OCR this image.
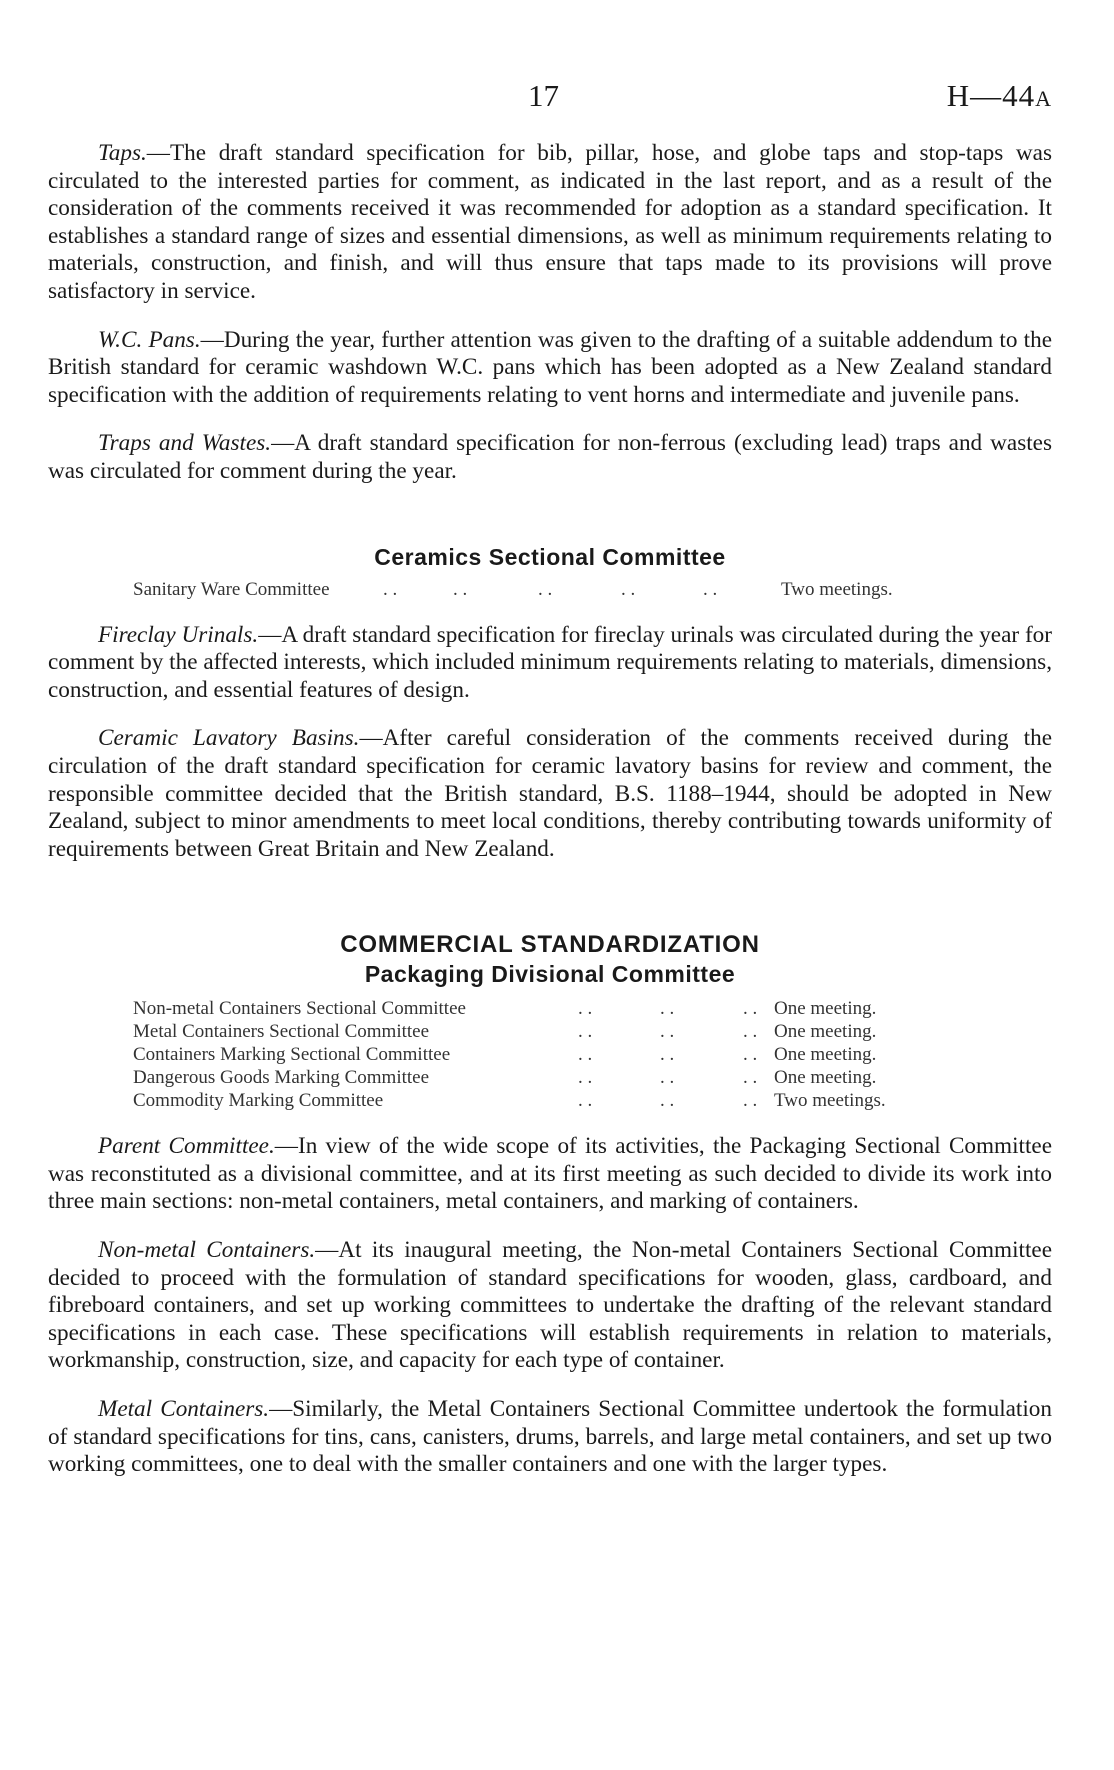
17	H—44A

Taps.—The draft standard specification for bib, pillar, hose, and globe taps and stop-taps was circulated to the interested parties for comment, as indicated in the last report, and as a result of the consideration of the comments received it was recommended for adoption as a standard specification. It establishes a standard range of sizes and essential dimensions, as well as minimum requirements relating to materials, construction, and finish, and will thus ensure that taps made to its provisions will prove satisfactory in service.

W.C. Pans.—During the year, further attention was given to the drafting of a suitable addendum to the British standard for ceramic washdown W.C. pans which has been adopted as a New Zealand standard specification with the addition of requirements relating to vent horns and intermediate and juvenile pans.

Traps and Wastes.—A draft standard specification for non-ferrous (excluding lead) traps and wastes was circulated for comment during the year.

Ceramics Sectional Committee
Sanitary Ware Committee	. .	. .	. .	. .	. .	Two meetings.

Fireclay Urinals.—A draft standard specification for fireclay urinals was circulated during the year for comment by the affected interests, which included minimum requirements relating to materials, dimensions, construction, and essential features of design.

Ceramic Lavatory Basins.—After careful consideration of the comments received during the circulation of the draft standard specification for ceramic lavatory basins for review and comment, the responsible committee decided that the British standard, B.S. 1188–1944, should be adopted in New Zealand, subject to minor amendments to meet local conditions, thereby contributing towards uniformity of requirements between Great Britain and New Zealand.

COMMERCIAL STANDARDIZATION
Packaging Divisional Committee
Non-metal Containers Sectional Committee	. .	. .	. . One meeting.
Metal Containers Sectional Committee	. .	. .	. . One meeting.
Containers Marking Sectional Committee	. .	. .	. . One meeting.
Dangerous Goods Marking Committee	. .	. .	. . One meeting.
Commodity Marking Committee	. .	. .	. . Two meetings.

Parent Committee.—In view of the wide scope of its activities, the Packaging Sectional Committee was reconstituted as a divisional committee, and at its first meeting as such decided to divide its work into three main sections: non-metal containers, metal containers, and marking of containers.

Non-metal Containers.—At its inaugural meeting, the Non-metal Containers Sectional Committee decided to proceed with the formulation of standard specifications for wooden, glass, cardboard, and fibreboard containers, and set up working committees to undertake the drafting of the relevant standard specifications in each case. These specifications will establish requirements in relation to materials, workmanship, construction, size, and capacity for each type of container.

Metal Containers.—Similarly, the Metal Containers Sectional Committee undertook the formulation of standard specifications for tins, cans, canisters, drums, barrels, and large metal containers, and set up two working committees, one to deal with the smaller containers and one with the larger types.
